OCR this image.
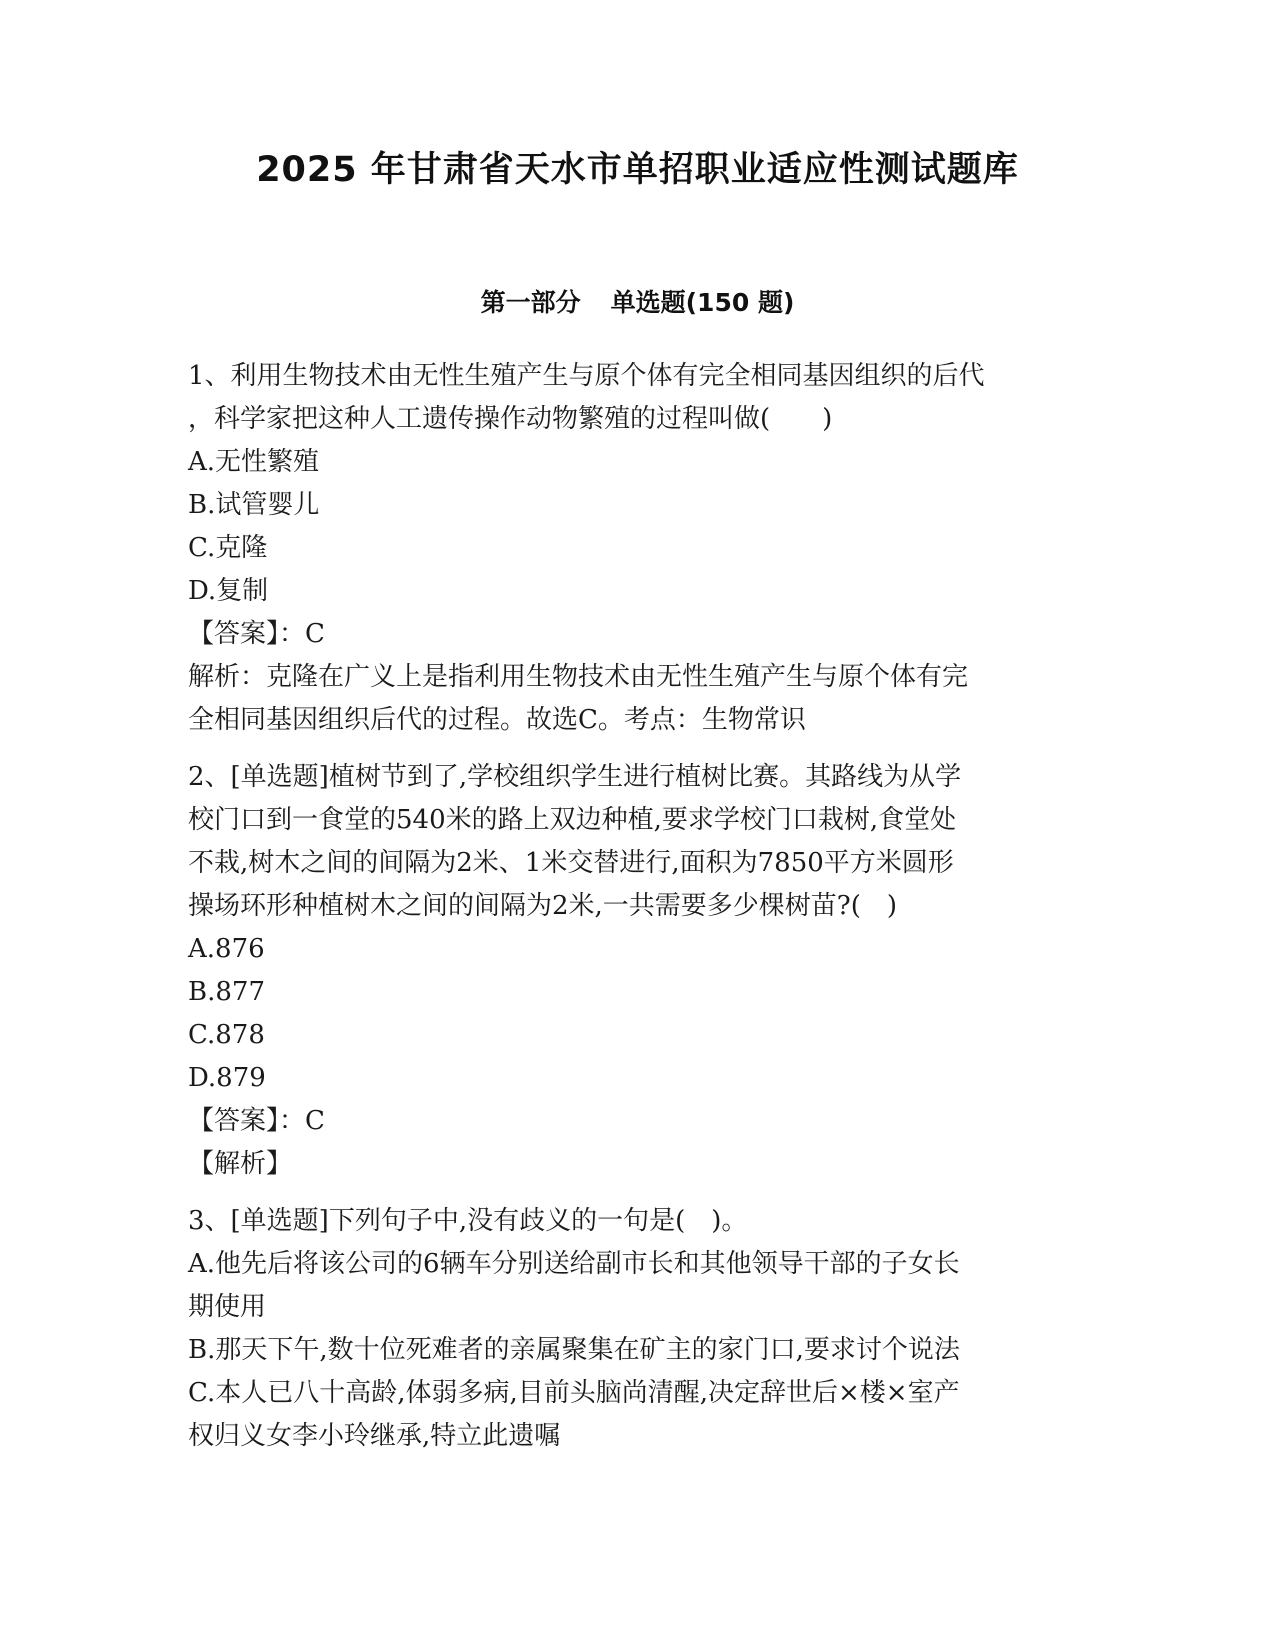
2025 年甘肃省天水市单招职业适应性测试题库
第一部分 单选题(150 题)
1、利用生物技术由无性生殖产生与原个体有完全相同基因组织的后代
，科学家把这种人工遗传操作动物繁殖的过程叫做(　　)
A.无性繁殖
B.试管婴儿
C.克隆
D.复制
【答案】：C
解析：克隆在广义上是指利用生物技术由无性生殖产生与原个体有完
全相同基因组织后代的过程。故选C。考点：生物常识
2、[单选题]植树节到了,学校组织学生进行植树比赛。其路线为从学
校门口到一食堂的540米的路上双边种植,要求学校门口栽树,食堂处
不栽,树木之间的间隔为2米、1米交替进行,面积为7850平方米圆形
操场环形种植树木之间的间隔为2米,一共需要多少棵树苗?(　)
A.876
B.877
C.878
D.879
【答案】：C
【解析】
3、[单选题]下列句子中,没有歧义的一句是(　)。
A.他先后将该公司的6辆车分别送给副市长和其他领导干部的子女长
期使用
B.那天下午,数十位死难者的亲属聚集在矿主的家门口,要求讨个说法
C.本人已八十高龄,体弱多病,目前头脑尚清醒,决定辞世后×楼×室产
权归义女李小玲继承,特立此遗嘱
